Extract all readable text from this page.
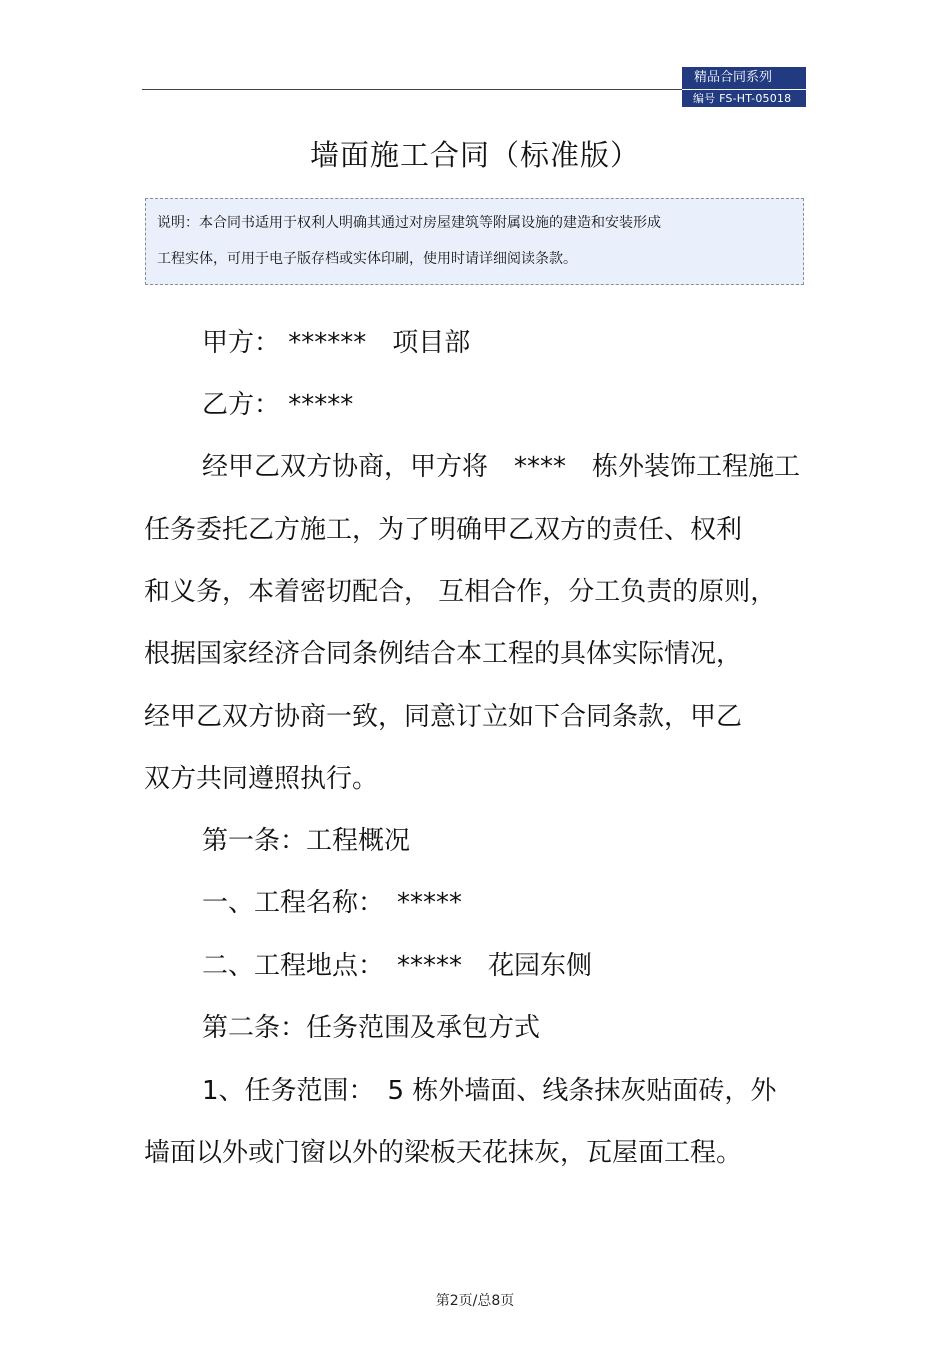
精品合同系列
编号 FS-HT-05018
墙面施工合同（标准版）
说明：本合同书适用于权利人明确其通过对房屋建筑等附属设施的建造和安装形成
工程实体，可用于电子版存档或实体印刷，使用时请详细阅读条款。
甲方： ******　项目部
乙方： *****
经甲乙双方协商，甲方将　****　栋外装饰工程施工
任务委托乙方施工，为了明确甲乙双方的责任、权利
和义务，本着密切配合， 互相合作，分工负责的原则，
根据国家经济合同条例结合本工程的具体实际情况，
经甲乙双方协商一致，同意订立如下合同条款，甲乙
双方共同遵照执行。
第一条：工程概况
一、工程名称：　*****
二、工程地点：　*****　花园东侧
第二条：任务范围及承包方式
1、任务范围：　5 栋外墙面、线条抹灰贴面砖，外
墙面以外或门窗以外的梁板天花抹灰，瓦屋面工程。
第2页/总8页
